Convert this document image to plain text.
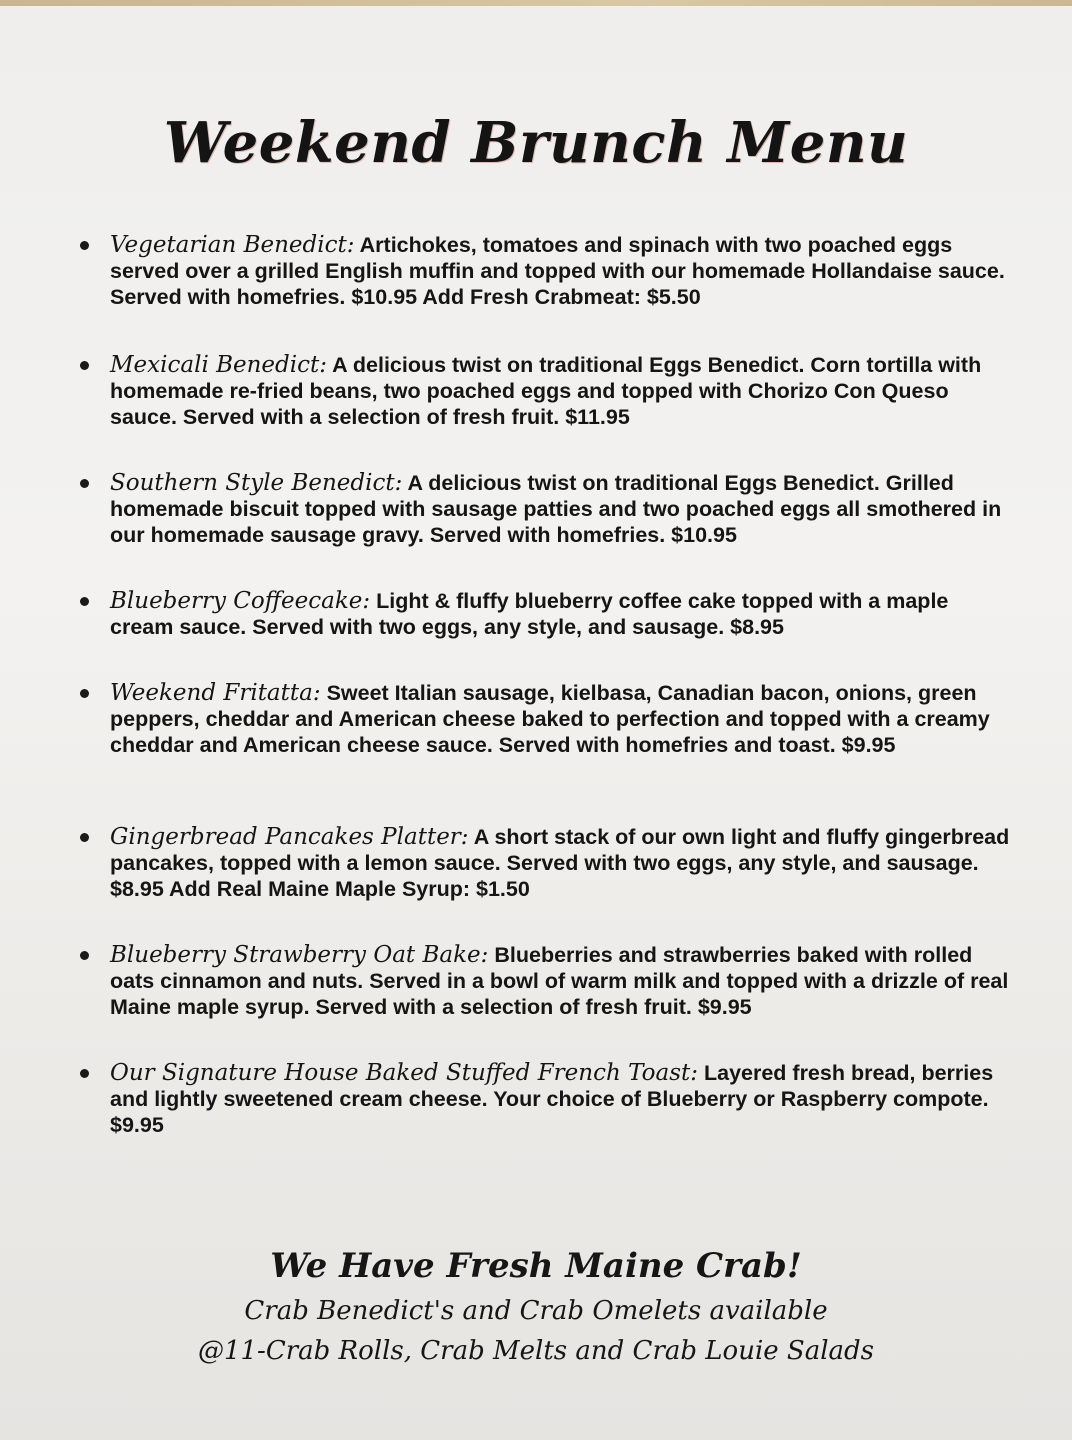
Weekend Brunch Menu
Vegetarian Benedict: Artichokes, tomatoes and spinach with two poached eggs served over a grilled English muffin and topped with our homemade Hollandaise sauce. Served with homefries. $10.95 Add Fresh Crabmeat: $5.50
Mexicali Benedict: A delicious twist on traditional Eggs Benedict. Corn tortilla with homemade re-fried beans, two poached eggs and topped with Chorizo Con Queso sauce. Served with a selection of fresh fruit. $11.95
Southern Style Benedict: A delicious twist on traditional Eggs Benedict. Grilled homemade biscuit topped with sausage patties and two poached eggs all smothered in our homemade sausage gravy. Served with homefries. $10.95
Blueberry Coffeecake: Light & fluffy blueberry coffee cake topped with a maple cream sauce. Served with two eggs, any style, and sausage. $8.95
Weekend Fritatta: Sweet Italian sausage, kielbasa, Canadian bacon, onions, green peppers, cheddar and American cheese baked to perfection and topped with a creamy cheddar and American cheese sauce. Served with homefries and toast. $9.95
Gingerbread Pancakes Platter: A short stack of our own light and fluffy gingerbread pancakes, topped with a lemon sauce. Served with two eggs, any style, and sausage. $8.95 Add Real Maine Maple Syrup: $1.50
Blueberry Strawberry Oat Bake: Blueberries and strawberries baked with rolled oats cinnamon and nuts. Served in a bowl of warm milk and topped with a drizzle of real Maine maple syrup. Served with a selection of fresh fruit. $9.95
Our Signature House Baked Stuffed French Toast: Layered fresh bread, berries and lightly sweetened cream cheese. Your choice of Blueberry or Raspberry compote. $9.95
We Have Fresh Maine Crab!
Crab Benedict's and Crab Omelets available
@11-Crab Rolls, Crab Melts and Crab Louie Salads
